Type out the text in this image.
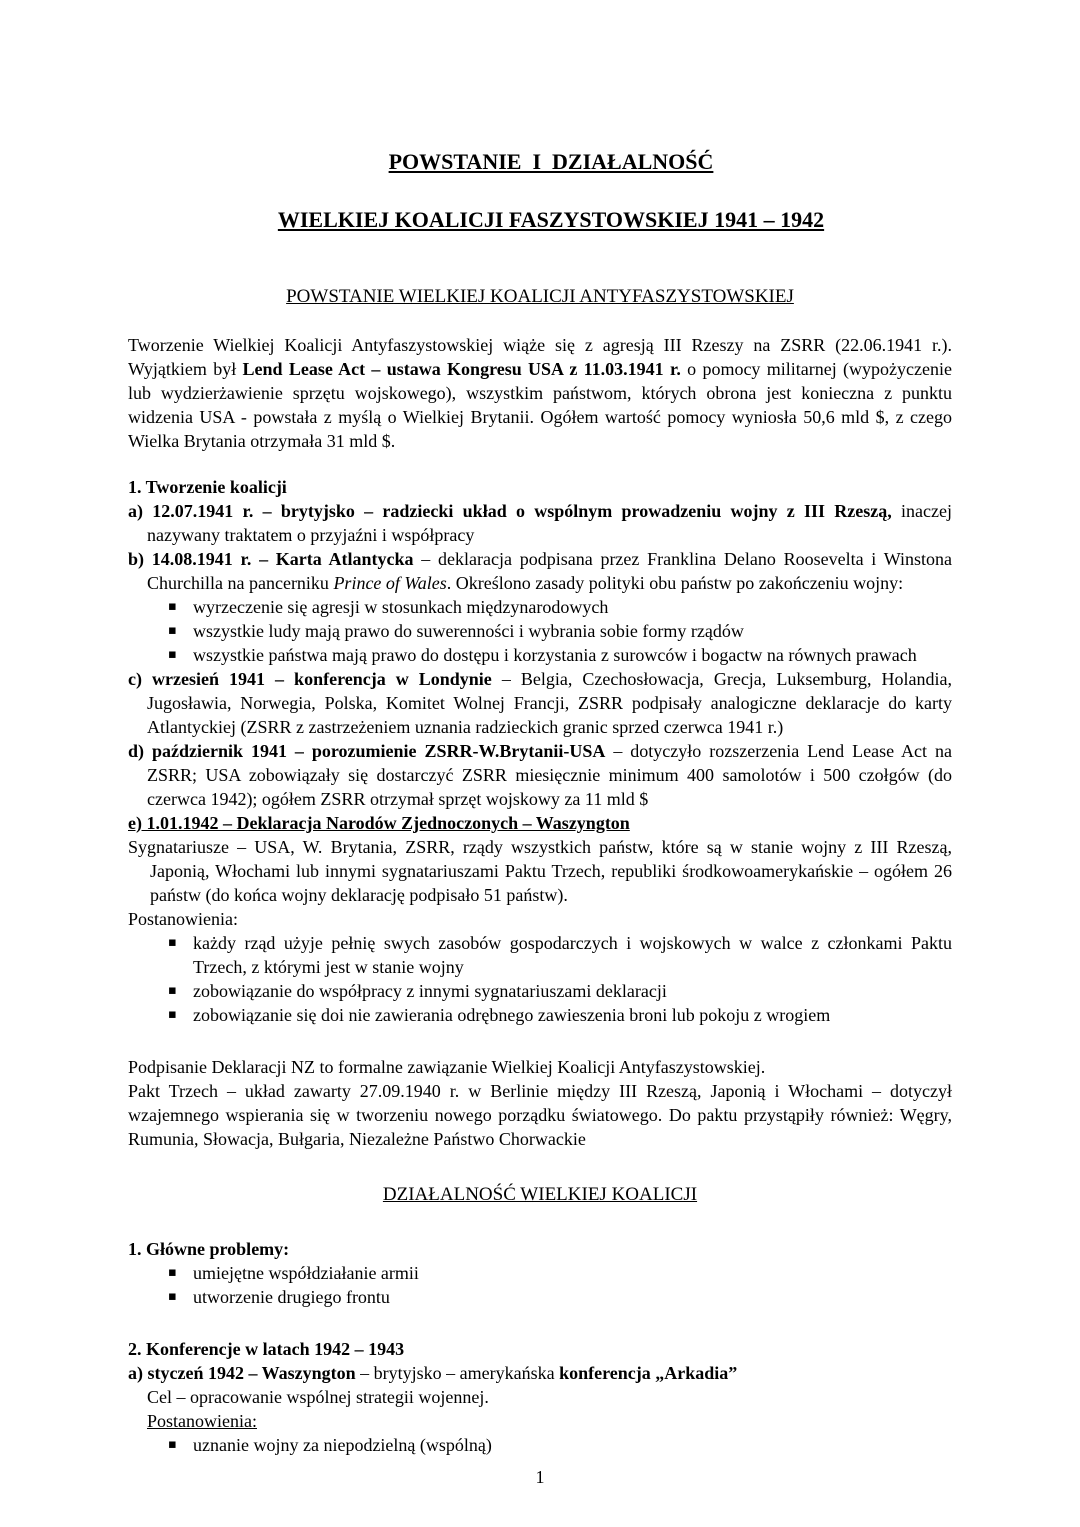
POWSTANIE  I  DZIAŁALNOŚĆ

WIELKIEJ KOALICJI FASZYSTOWSKIEJ 1941 – 1942

POWSTANIE WIELKIEJ KOALICJI ANTYFASZYSTOWSKIEJ

Tworzenie Wielkiej Koalicji Antyfaszystowskiej wiąże się z agresją III Rzeszy na ZSRR (22.06.1941 r.). Wyjątkiem był Lend Lease Act – ustawa Kongresu USA z 11.03.1941 r. o pomocy militarnej (wypożyczenie lub wydzierżawienie sprzętu wojskowego), wszystkim państwom, których obrona jest konieczna z punktu widzenia USA - powstała z myślą o Wielkiej Brytanii. Ogółem wartość pomocy wyniosła 50,6 mld $, z czego Wielka Brytania otrzymała 31 mld $.

1. Tworzenie koalicji

a) 12.07.1941 r. – brytyjsko – radziecki układ o wspólnym prowadzeniu wojny z III Rzeszą, inaczej nazywany traktatem o przyjaźni i współpracy
b) 14.08.1941 r. – Karta Atlantycka – deklaracja podpisana przez Franklina Delano Roosevelta i Winstona Churchilla na pancerniku Prince of Wales. Określono zasady polityki obu państw po zakończeniu wojny:
▪ wyrzeczenie się agresji w stosunkach międzynarodowych
▪ wszystkie ludy mają prawo do suwerenności i wybrania sobie formy rządów
▪ wszystkie państwa mają prawo do dostępu i korzystania z surowców i bogactw na równych prawach
c) wrzesień 1941 – konferencja w Londynie – Belgia, Czechosłowacja, Grecja, Luksemburg, Holandia, Jugosławia, Norwegia, Polska, Komitet Wolnej Francji, ZSRR podpisały analogiczne deklaracje do karty Atlantyckiej (ZSRR z zastrzeżeniem uznania radzieckich granic sprzed czerwca 1941 r.)
d) październik 1941 – porozumienie ZSRR-W.Brytanii-USA – dotyczyło rozszerzenia Lend Lease Act na ZSRR; USA zobowiązały się dostarczyć ZSRR miesięcznie minimum 400 samolotów i 500 czołgów (do czerwca 1942); ogółem ZSRR otrzymał sprzęt wojskowy za 11 mld $
e) 1.01.1942 – Deklaracja Narodów Zjednoczonych – Waszyngton
Sygnatariusze – USA, W. Brytania, ZSRR, rządy wszystkich państw, które są w stanie wojny z III Rzeszą, Japonią, Włochami lub innymi sygnatariuszami Paktu Trzech, republiki środkowoamerykańskie – ogółem 26 państw (do końca wojny deklarację podpisało 51 państw).

Postanowienia:

▪ każdy rząd użyje pełnię swych zasobów gospodarczych i wojskowych w walce z członkami Paktu Trzech, z którymi jest w stanie wojny
▪ zobowiązanie do współpracy z innymi sygnatariuszami deklaracji
▪ zobowiązanie się doi nie zawierania odrębnego zawieszenia broni lub pokoju z wrogiem

Podpisanie Deklaracji NZ to formalne zawiązanie Wielkiej Koalicji Antyfaszystowskiej.

Pakt Trzech – układ zawarty 27.09.1940 r. w Berlinie między III Rzeszą, Japonią i Włochami – dotyczył wzajemnego wspierania się w tworzeniu nowego porządku światowego. Do paktu przystąpiły również: Węgry, Rumunia, Słowacja, Bułgaria, Niezależne Państwo Chorwackie

DZIAŁALNOŚĆ WIELKIEJ KOALICJI

1. Główne problemy:

▪ umiejętne współdziałanie armii
▪ utworzenie drugiego frontu

2. Konferencje w latach 1942 – 1943

a) styczeń 1942 – Waszyngton – brytyjsko – amerykańska konferencja „Arkadia”

Cel – opracowanie wspólnej strategii wojennej.

Postanowienia:

▪ uznanie wojny za niepodzielną (wspólną)
1
